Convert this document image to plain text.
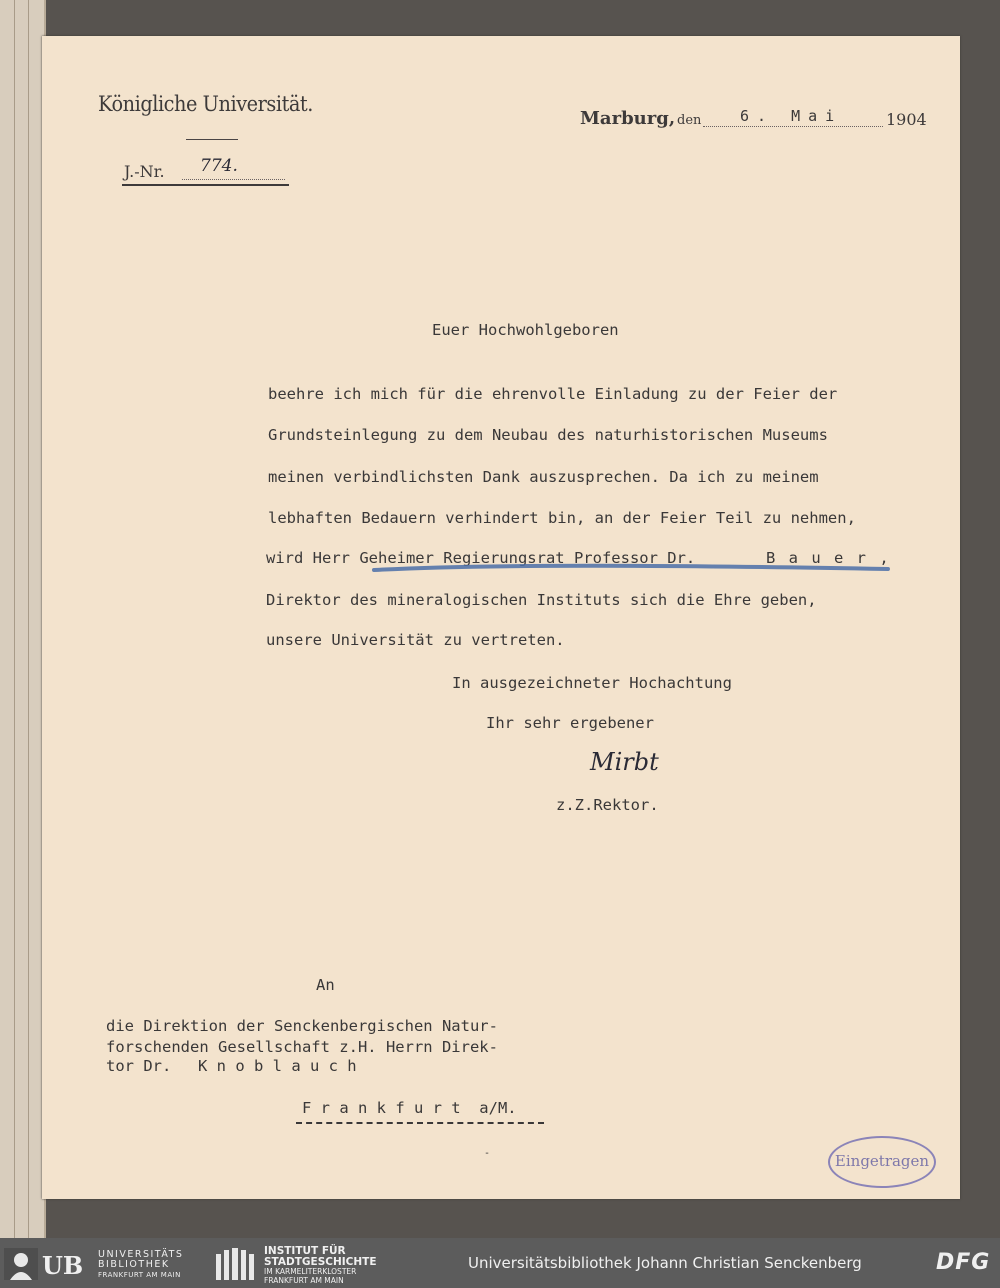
Königliche Universität.
J.-Nr. 774.
Marburg, den	6. Mai	1904
Euer Hochwohlgeboren
beehre ich mich für die ehrenvolle Einladung zu der Feier der
Grundsteinlegung zu dem Neubau des naturhistorischen Museums
meinen verbindlichsten Dank auszusprechen. Da ich zu meinem
lebhaften Bedauern verhindert bin, an der Feier Teil zu nehmen,
wird Herr Geheimer Regierungsrat Professor Dr.	B a u e r ,
Direktor des mineralogischen Instituts sich die Ehre geben,
unsere Universität zu vertreten.
In ausgezeichneter Hochachtung
Ihr sehr ergebener
Mirbt
z.Z.Rektor.
An
die Direktion der Senckenbergischen Natur-
forschenden Gesellschaft z.H. Herrn Direk-
tor Dr. K n o b l a u c h
F r a n k f u r t  a/M.
-	Eingetragen
UB UNIVERSITÄTS
BIBLIOTHEK
FRANKFURT AM MAIN
INSTITUT FÜR
STADTGESCHICHTE
IM KARMELITERKLOSTER
FRANKFURT AM MAIN
Universitätsbibliothek Johann Christian Senckenberg	DFG
